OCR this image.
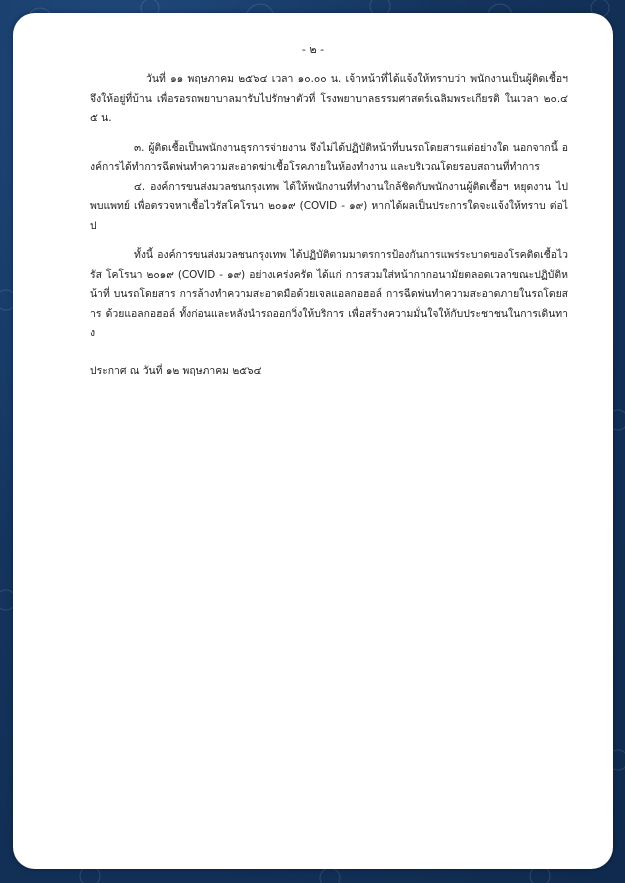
- ๒ -

วันที่ ๑๑ พฤษภาคม ๒๕๖๔ เวลา ๑๐.๐๐ น. เจ้าหน้าที่ได้แจ้งให้ทราบว่า พนักงานเป็นผู้ติดเชื้อฯ จึงให้อยู่ที่บ้าน เพื่อรอรถพยาบาลมารับไปรักษาตัวที่ โรงพยาบาลธรรมศาสตร์เฉลิมพระเกียรติ ในเวลา ๒๐.๔๕ น.

๓. ผู้ติดเชื้อเป็นพนักงานธุรการจ่ายงาน จึงไม่ได้ปฏิบัติหน้าที่บนรถโดยสารแต่อย่างใด นอกจากนี้ องค์การได้ทำการฉีดพ่นทำความสะอาดฆ่าเชื้อโรคภายในห้องทำงาน และบริเวณโดยรอบสถานที่ทำการ

๔. องค์การขนส่งมวลชนกรุงเทพ ได้ให้พนักงานที่ทำงานใกล้ชิดกับพนักงานผู้ติดเชื้อฯ หยุดงาน ไปพบแพทย์ เพื่อตรวจหาเชื้อไวรัสโคโรนา ๒๐๑๙ (COVID - ๑๙) หากได้ผลเป็นประการใดจะแจ้งให้ทราบ ต่อไป

ทั้งนี้ องค์การขนส่งมวลชนกรุงเทพ ได้ปฏิบัติตามมาตรการป้องกันการแพร่ระบาดของโรคติดเชื้อไวรัส โคโรนา ๒๐๑๙ (COVID - ๑๙) อย่างเคร่งครัด ได้แก่ การสวมใส่หน้ากากอนามัยตลอดเวลาขณะปฏิบัติหน้าที่ บนรถโดยสาร การล้างทำความสะอาดมือด้วยเจลแอลกอฮอล์ การฉีดพ่นทำความสะอาดภายในรถโดยสาร ด้วยแอลกอฮอล์ ทั้งก่อนและหลังนำรถออกวิ่งให้บริการ เพื่อสร้างความมั่นใจให้กับประชาชนในการเดินทาง

ประกาศ ณ วันที่ ๑๒ พฤษภาคม ๒๕๖๔
